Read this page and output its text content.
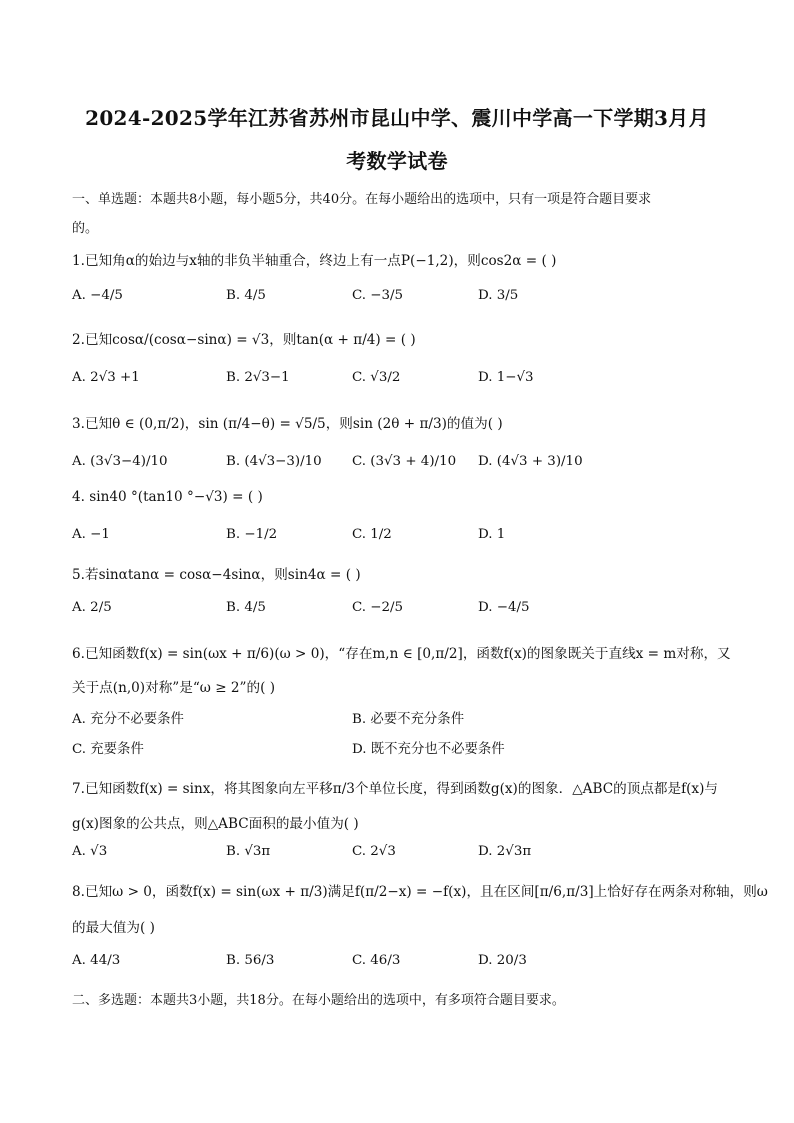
2024-2025学年江苏省苏州市昆山中学、震川中学高一下学期3月月
考数学试卷
一、单选题：本题共8小题，每小题5分，共40分。在每小题给出的选项中，只有一项是符合题目要求
的。
1.已知角α的始边与x轴的非负半轴重合，终边上有一点P(−1,2)，则cos2α = ( )
A. −4/5	B. 4/5	C. −3/5	D. 3/5
2.已知cosα/(cosα−sinα) = √3，则tan(α + π/4) = ( )
A. 2√3 +1	B. 2√3−1	C. √3/2	D. 1−√3
3.已知θ ∈ (0,π/2)，sin (π/4−θ) = √5/5，则sin (2θ + π/3)的值为( )
A. (3√3−4)/10	B. (4√3−3)/10 C. (3√3 + 4)/10 D. (4√3 + 3)/10
4. sin40 °(tan10 °−√3) = ( )
A. −1	B. −1/2	C. 1/2	D. 1
5.若sinαtanα = cosα−4sinα，则sin4α = ( )
A. 2/5	B. 4/5	C. −2/5	D. −4/5
6.已知函数f(x) = sin(ωx + π/6)(ω > 0)，“存在m,n ∈ [0,π/2]，函数f(x)的图象既关于直线x = m对称，又
关于点(n,0)对称”是“ω ≥ 2”的( )
A. 充分不必要条件	B. 必要不充分条件
C. 充要条件	D. 既不充分也不必要条件
7.已知函数f(x) = sinx，将其图象向左平移π/3个单位长度，得到函数g(x)的图象．△ABC的顶点都是f(x)与
g(x)图象的公共点，则△ABC面积的最小值为( )
A. √3	B. √3π	C. 2√3	D. 2√3π
8.已知ω > 0，函数f(x) = sin(ωx + π/3)满足f(π/2−x) = −f(x)，且在区间[π/6,π/3]上恰好存在两条对称轴，则ω
的最大值为( )
A. 44/3	B. 56/3	C. 46/3	D. 20/3
二、多选题：本题共3小题，共18分。在每小题给出的选项中，有多项符合题目要求。
